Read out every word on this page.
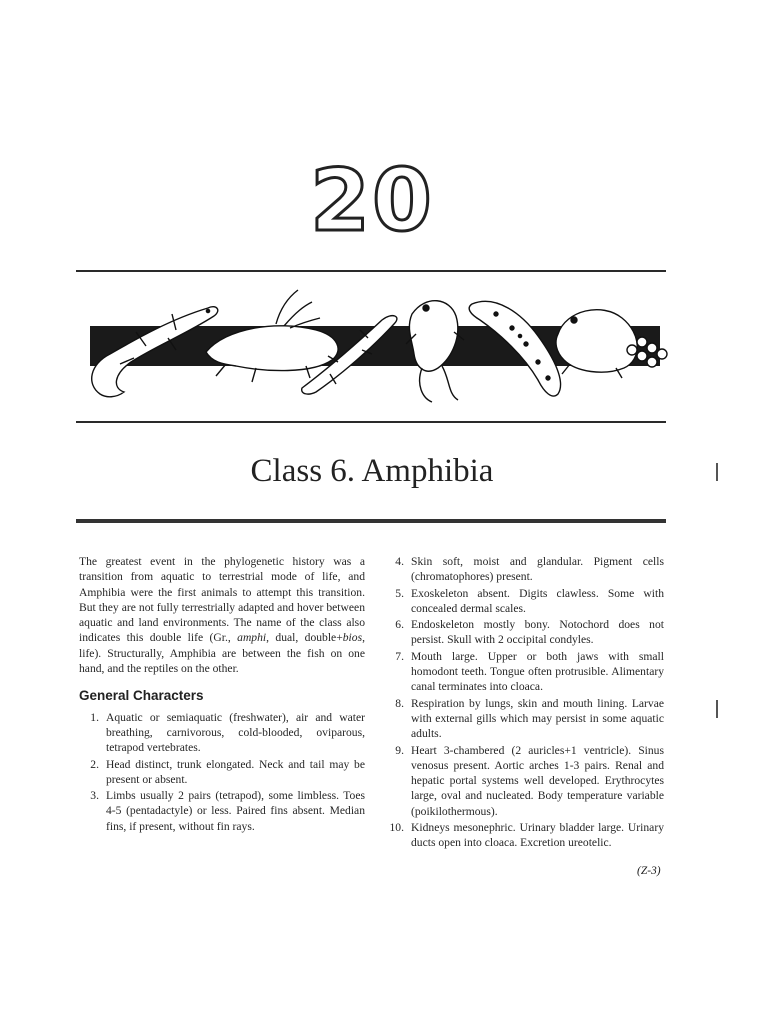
20
Class 6. Amphibia

The greatest event in the phylogenetic history was a transition from aquatic to terrestrial mode of life, and Amphibia were the first animals to attempt this transition. But they are not fully terrestrially adapted and hover between aquatic and land environments. The name of the class also indicates this double life (Gr., amphi, dual, double+bios, life). Structurally, Amphibia are between the fish on one hand, and the reptiles on the other.

General Characters
1. Aquatic or semiaquatic (freshwater), air and water breathing, carnivorous, cold-blooded, oviparous, tetrapod vertebrates.
2. Head distinct, trunk elongated. Neck and tail may be present or absent.
3. Limbs usually 2 pairs (tetrapod), some limbless. Toes 4-5 (pentadactyle) or less. Paired fins absent. Median fins, if present, without fin rays.
4. Skin soft, moist and glandular. Pigment cells (chromatophores) present.
5. Exoskeleton absent. Digits clawless. Some with concealed dermal scales.
6. Endoskeleton mostly bony. Notochord does not persist. Skull with 2 occipital condyles.
7. Mouth large. Upper or both jaws with small homodont teeth. Tongue often protrusible. Alimentary canal terminates into cloaca.
8. Respiration by lungs, skin and mouth lining. Larvae with external gills which may persist in some aquatic adults.
9. Heart 3-chambered (2 auricles+1 ventricle). Sinus venosus present. Aortic arches 1-3 pairs. Renal and hepatic portal systems well developed. Erythrocytes large, oval and nucleated. Body temperature variable (poikilothermous).
10. Kidneys mesonephric. Urinary bladder large. Urinary ducts open into cloaca. Excretion ureotelic.
(Z-3)
